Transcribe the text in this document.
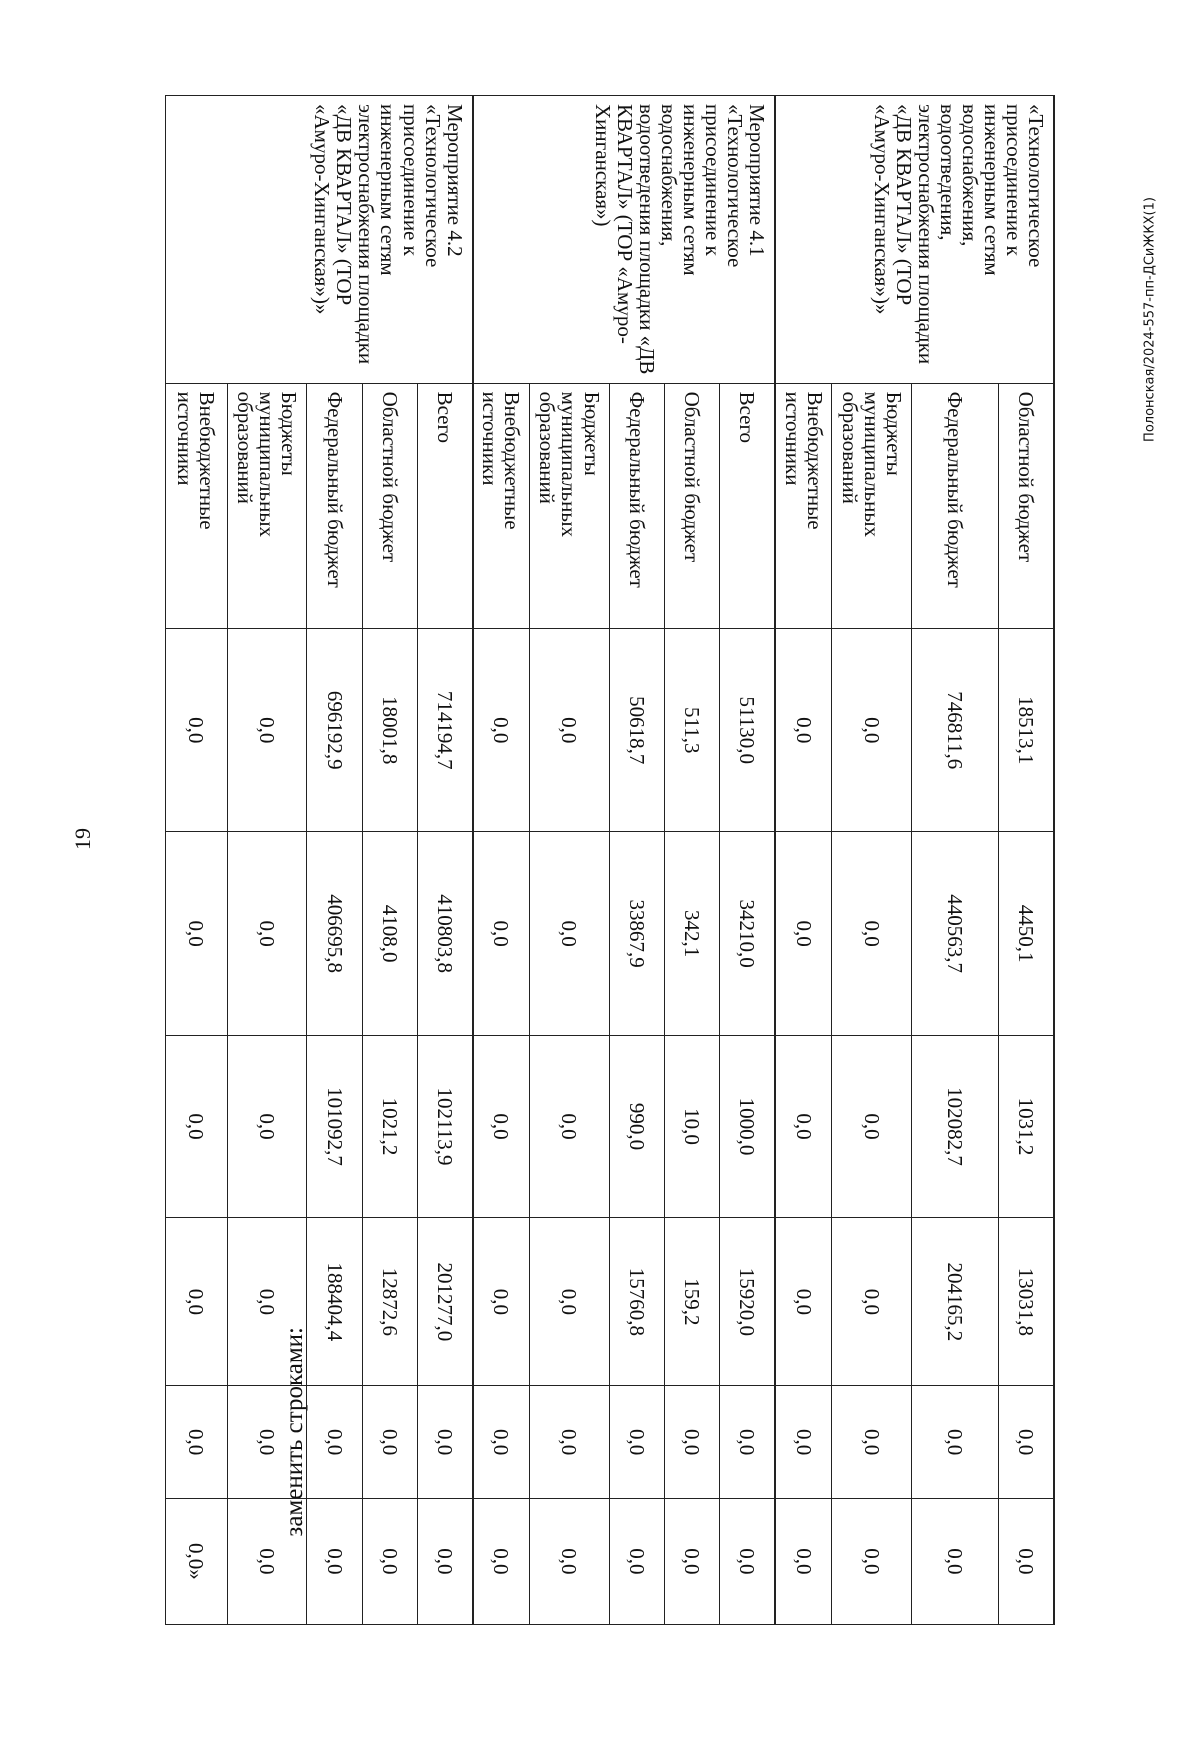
19
Полонская/2024-557-пп-ДСиЖКХ(1)
заменить строками:
«Технологическое присоединение к инженерным сетям водоснабжения, водоотведения, электроснабжения площадки «ДВ КВАРТАЛ» (ТОР «Амуро-Хинганская»)»	Областной бюджет	18513,1	4450,1	1031,2	13031,8	0,0	0,0
	Федеральный бюджет	746811,6	440563,7	102082,7	204165,2	0,0	0,0
	Бюджеты муниципальных образований	0,0	0,0	0,0	0,0	0,0	0,0
	Внебюджетные источники	0,0	0,0	0,0	0,0	0,0	0,0
Мероприятие 4.1 «Технологическое присоединение к инженерным сетям водоснабжения, водоотведения площадки «ДВ КВАРТАЛ» (ТОР «Амуро-Хинганская»)	Всего	51130,0	34210,0	1000,0	15920,0	0,0	0,0
	Областной бюджет	511,3	342,1	10,0	159,2	0,0	0,0
	Федеральный бюджет	50618,7	33867,9	990,0	15760,8	0,0	0,0
	Бюджеты муниципальных образований	0,0	0,0	0,0	0,0	0,0	0,0
	Внебюджетные источники	0,0	0,0	0,0	0,0	0,0	0,0
Мероприятие 4.2 «Технологическое присоединение к инженерным сетям электроснабжения площадки «ДВ КВАРТАЛ» (ТОР «Амуро-Хинганская»)»	Всего	714194,7	410803,8	102113,9	201277,0	0,0	0,0
	Областной бюджет	18001,8	4108,0	1021,2	12872,6	0,0	0,0
	Федеральный бюджет	696192,9	406695,8	101092,7	188404,4	0,0	0,0
	Бюджеты муниципальных образований	0,0	0,0	0,0	0,0	0,0	0,0
	Внебюджетные источники	0,0	0,0	0,0	0,0	0,0	0,0»
